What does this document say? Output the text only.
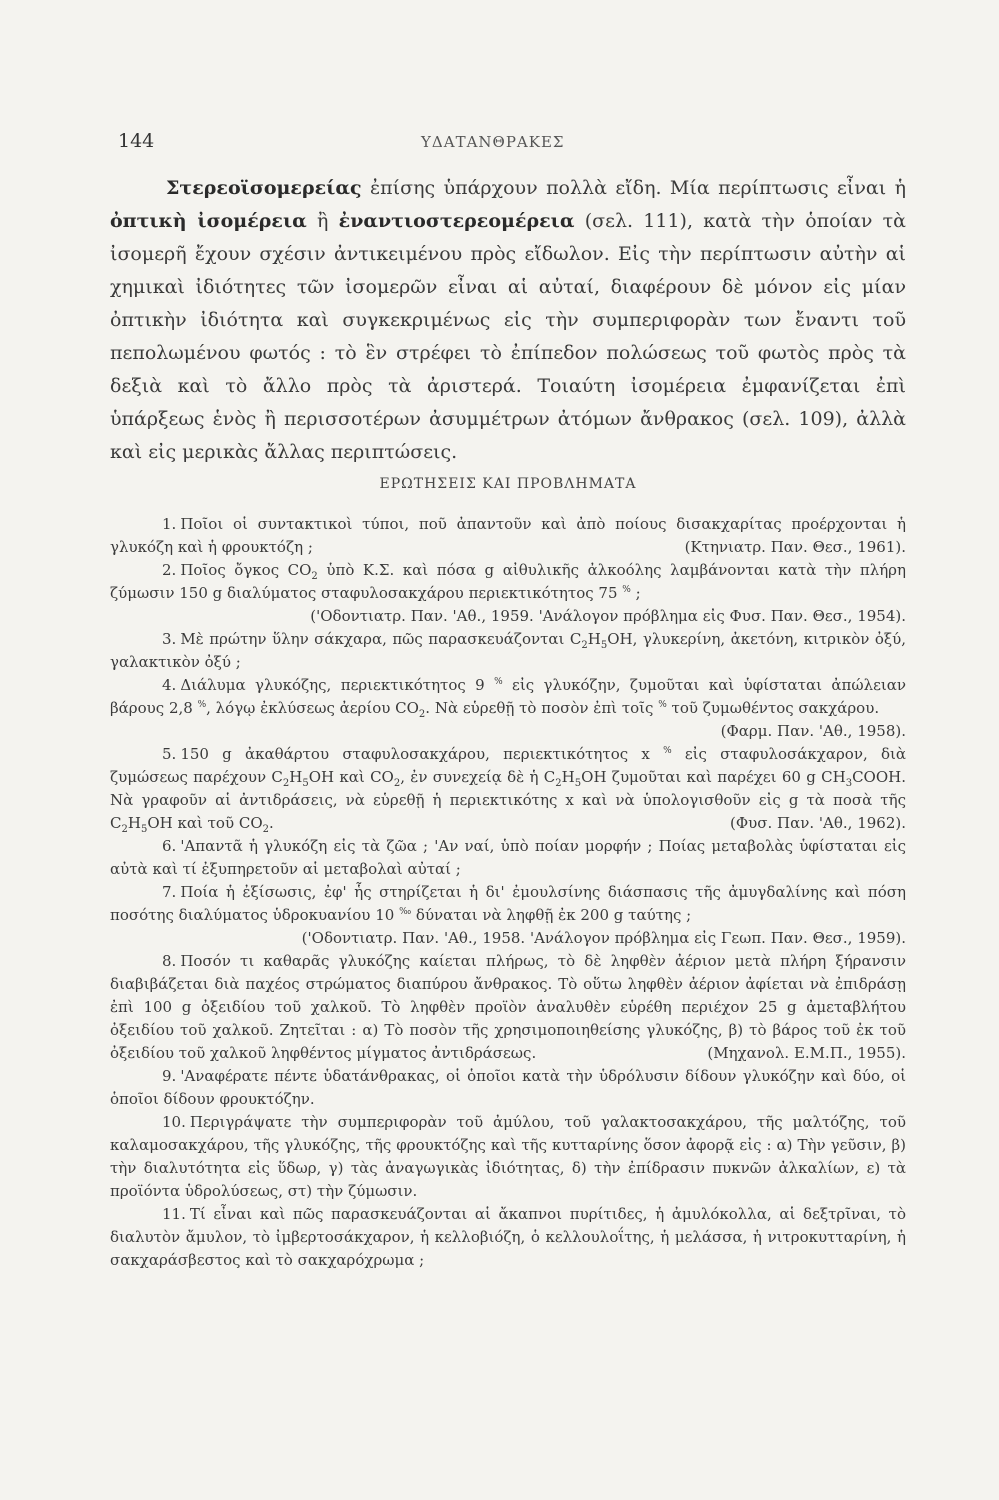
144	ΥΔΑΤΑΝΘΡΑΚΕΣ

Στερεοϊσομερείας ἐπίσης ὑπάρχουν πολλὰ εἴδη. Μία περίπτωσις εἶναι ἡ ὀπτικὴ ἰσομέρεια ἢ ἐναντιοστερεομέρεια (σελ. 111), κατὰ τὴν ὁποίαν τὰ ἰσομερῆ ἔχουν σχέσιν ἀντικειμένου πρὸς εἴδωλον. Εἰς τὴν περίπτωσιν αὐτὴν αἱ χημικαὶ ἰδιότητες τῶν ἰσομερῶν εἶναι αἱ αὐταί, διαφέρουν δὲ μόνον εἰς μίαν ὀπτικὴν ἰδιότητα καὶ συγκεκριμένως εἰς τὴν συμπεριφορὰν των ἔναντι τοῦ πεπολωμένου φωτός : τὸ ἓν στρέφει τὸ ἐπίπεδον πολώσεως τοῦ φωτὸς πρὸς τὰ δεξιὰ καὶ τὸ ἄλλο πρὸς τὰ ἀριστερά. Τοιαύτη ἰσομέρεια ἐμφανίζεται ἐπὶ ὑπάρξεως ἑνὸς ἢ περισσοτέρων ἀσυμμέτρων ἀτόμων ἄνθρακος (σελ. 109), ἀλλὰ καὶ εἰς μερικὰς ἄλλας περιπτώσεις.

ΕΡΩΤΗΣΕΙΣ ΚΑΙ ΠΡΟΒΛΗΜΑΤΑ

1. Ποῖοι οἱ συντακτικοὶ τύποι, ποῦ ἀπαντοῦν καὶ ἀπὸ ποίους δισακχαρίτας προέρχονται ἡ γλυκόζη καὶ ἡ φρουκτόζη ;	(Κτηνιατρ. Παν. Θεσ., 1961).

2. Ποῖος ὄγκος $CO_2$ ὑπὸ Κ.Σ. καὶ πόσα g αἰθυλικῆς ἀλκοόλης λαμβάνονται κατὰ τὴν πλήρη ζύμωσιν 150 g διαλύματος σταφυλοσακχάρου περιεκτικότητος 75 % ;
('Οδοντιατρ. Παν. 'Αθ., 1959. 'Ανάλογον πρόβλημα εἰς Φυσ. Παν. Θεσ., 1954).

3. Μὲ πρώτην ὕλην σάκχαρα, πῶς παρασκευάζονται $C_2H_5OH$, γλυκερίνη, ἀκετόνη, κιτρικὸν ὀξύ, γαλακτικὸν ὀξύ ;

4. Διάλυμα γλυκόζης, περιεκτικότητος 9 % εἰς γλυκόζην, ζυμοῦται καὶ ὑφίσταται ἀπώλειαν βάρους 2,8 %, λόγῳ ἐκλύσεως ἀερίου $CO_2$. Νὰ εὑρεθῇ τὸ ποσὸν ἐπὶ τοῖς % τοῦ ζυμωθέντος σακχάρου.
(Φαρμ. Παν. 'Αθ., 1958).

5. 150 g ἀκαθάρτου σταφυλοσακχάρου, περιεκτικότητος x % εἰς σταφυλοσάκχαρον, διὰ ζυμώσεως παρέχουν $C_2H_5OH$ καὶ $CO_2$, ἐν συνεχείᾳ δὲ ἡ $C_2H_5OH$ ζυμοῦται καὶ παρέχει 60 g $CH_3COOH$. Νὰ γραφοῦν αἱ ἀντιδράσεις, νὰ εὑρεθῇ ἡ περιεκτικότης x καὶ νὰ ὑπολογισθοῦν εἰς g τὰ ποσὰ τῆς $C_2H_5OH$ καὶ τοῦ $CO_2$.	(Φυσ. Παν. 'Αθ., 1962).

6. 'Απαντᾶ ἡ γλυκόζη εἰς τὰ ζῶα ; 'Αν ναί, ὑπὸ ποίαν μορφήν ; Ποίας μεταβολὰς ὑφίσταται εἰς αὐτὰ καὶ τί ἐξυπηρετοῦν αἱ μεταβολαὶ αὐταί ;

7. Ποία ἡ ἐξίσωσις, ἐφ' ἧς στηρίζεται ἡ δι' ἐμουλσίνης διάσπασις τῆς ἀμυγδαλίνης καὶ πόση ποσότης διαλύματος ὑδροκυανίου 10 ‰ δύναται νὰ ληφθῇ ἐκ 200 g ταύτης ;
('Οδοντιατρ. Παν. 'Αθ., 1958. 'Ανάλογον πρόβλημα εἰς Γεωπ. Παν. Θεσ., 1959).

8. Ποσόν τι καθαρᾶς γλυκόζης καίεται πλήρως, τὸ δὲ ληφθὲν ἀέριον μετὰ πλήρη ξήρανσιν διαβιβάζεται διὰ παχέος στρώματος διαπύρου ἄνθρακος. Τὸ οὕτω ληφθὲν ἀέριον ἀφίεται νὰ ἐπιδράσῃ ἐπὶ 100 g ὀξειδίου τοῦ χαλκοῦ. Τὸ ληφθὲν προϊὸν ἀναλυθὲν εὑρέθη περιέχον 25 g ἀμεταβλήτου ὀξειδίου τοῦ χαλκοῦ. Ζητεῖται : α) Τὸ ποσὸν τῆς χρησιμοποιηθείσης γλυκόζης, β) τὸ βάρος τοῦ ἐκ τοῦ ὀξειδίου τοῦ χαλκοῦ ληφθέντος μίγματος ἀντιδράσεως.	(Μηχανολ. Ε.Μ.Π., 1955).

9. 'Αναφέρατε πέντε ὑδατάνθρακας, οἱ ὁποῖοι κατὰ τὴν ὑδρόλυσιν δίδουν γλυκόζην καὶ δύο, οἱ ὁποῖοι δίδουν φρουκτόζην.

10. Περιγράψατε τὴν συμπεριφορὰν τοῦ ἀμύλου, τοῦ γαλακτοσακχάρου, τῆς μαλτόζης, τοῦ καλαμοσακχάρου, τῆς γλυκόζης, τῆς φρουκτόζης καὶ τῆς κυτταρίνης ὅσον ἀφορᾷ εἰς : α) Τὴν γεῦσιν, β) τὴν διαλυτότητα εἰς ὕδωρ, γ) τὰς ἀναγωγικὰς ἰδιότητας, δ) τὴν ἐπίδρασιν πυκνῶν ἀλκαλίων, ε) τὰ προϊόντα ὑδρολύσεως, στ) τὴν ζύμωσιν.

11. Τί εἶναι καὶ πῶς παρασκευάζονται αἱ ἄκαπνοι πυρίτιδες, ἡ ἀμυλόκολλα, αἱ δεξτρῖναι, τὸ διαλυτὸν ἄμυλον, τὸ ἰμβερτοσάκχαρον, ἡ κελλοβιόζη, ὁ κελλουλοΐτης, ἡ μελάσσα, ἡ νιτροκυτταρίνη, ἡ σακχαράσβεστος καὶ τὸ σακχαρόχρωμα ;
